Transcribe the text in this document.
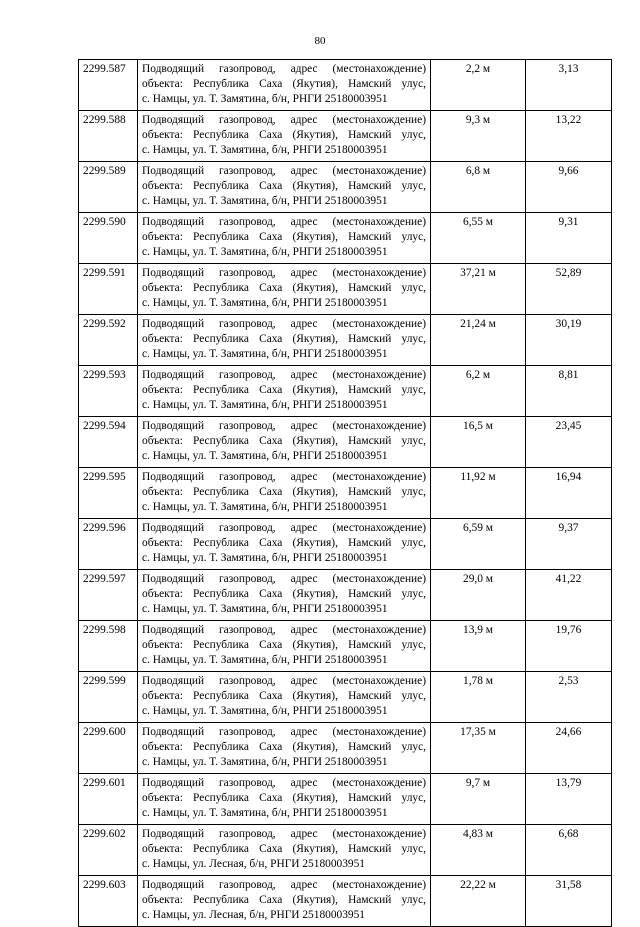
80
2299.587	Подводящий газопровод, адрес (местонахождение)
объекта: Республика Саха (Якутия), Намский улус,
с. Намцы, ул. Т. Замятина, б/н, РНГИ 25180003951	2,2 м	3,13
2299.588	Подводящий газопровод, адрес (местонахождение)
объекта: Республика Саха (Якутия), Намский улус,
с. Намцы, ул. Т. Замятина, б/н, РНГИ 25180003951	9,3 м	13,22
2299.589	Подводящий газопровод, адрес (местонахождение)
объекта: Республика Саха (Якутия), Намский улус,
с. Намцы, ул. Т. Замятина, б/н, РНГИ 25180003951	6,8 м	9,66
2299.590	Подводящий газопровод, адрес (местонахождение)
объекта: Республика Саха (Якутия), Намский улус,
с. Намцы, ул. Т. Замятина, б/н, РНГИ 25180003951	6,55 м	9,31
2299.591	Подводящий газопровод, адрес (местонахождение)
объекта: Республика Саха (Якутия), Намский улус,
с. Намцы, ул. Т. Замятина, б/н, РНГИ 25180003951	37,21 м	52,89
2299.592	Подводящий газопровод, адрес (местонахождение)
объекта: Республика Саха (Якутия), Намский улус,
с. Намцы, ул. Т. Замятина, б/н, РНГИ 25180003951	21,24 м	30,19
2299.593	Подводящий газопровод, адрес (местонахождение)
объекта: Республика Саха (Якутия), Намский улус,
с. Намцы, ул. Т. Замятина, б/н, РНГИ 25180003951	6,2 м	8,81
2299.594	Подводящий газопровод, адрес (местонахождение)
объекта: Республика Саха (Якутия), Намский улус,
с. Намцы, ул. Т. Замятина, б/н, РНГИ 25180003951	16,5 м	23,45
2299.595	Подводящий газопровод, адрес (местонахождение)
объекта: Республика Саха (Якутия), Намский улус,
с. Намцы, ул. Т. Замятина, б/н, РНГИ 25180003951	11,92 м	16,94
2299.596	Подводящий газопровод, адрес (местонахождение)
объекта: Республика Саха (Якутия), Намский улус,
с. Намцы, ул. Т. Замятина, б/н, РНГИ 25180003951	6,59 м	9,37
2299.597	Подводящий газопровод, адрес (местонахождение)
объекта: Республика Саха (Якутия), Намский улус,
с. Намцы, ул. Т. Замятина, б/н, РНГИ 25180003951	29,0 м	41,22
2299.598	Подводящий газопровод, адрес (местонахождение)
объекта: Республика Саха (Якутия), Намский улус,
с. Намцы, ул. Т. Замятина, б/н, РНГИ 25180003951	13,9 м	19,76
2299.599	Подводящий газопровод, адрес (местонахождение)
объекта: Республика Саха (Якутия), Намский улус,
с. Намцы, ул. Т. Замятина, б/н, РНГИ 25180003951	1,78 м	2,53
2299.600	Подводящий газопровод, адрес (местонахождение)
объекта: Республика Саха (Якутия), Намский улус,
с. Намцы, ул. Т. Замятина, б/н, РНГИ 25180003951	17,35 м	24,66
2299.601	Подводящий газопровод, адрес (местонахождение)
объекта: Республика Саха (Якутия), Намский улус,
с. Намцы, ул. Т. Замятина, б/н, РНГИ 25180003951	9,7 м	13,79
2299.602	Подводящий газопровод, адрес (местонахождение)
объекта: Республика Саха (Якутия), Намский улус,
с. Намцы, ул. Лесная, б/н, РНГИ 25180003951	4,83 м	6,68
2299.603	Подводящий газопровод, адрес (местонахождение)
объекта: Республика Саха (Якутия), Намский улус,
с. Намцы, ул. Лесная, б/н, РНГИ 25180003951	22,22 м	31,58
